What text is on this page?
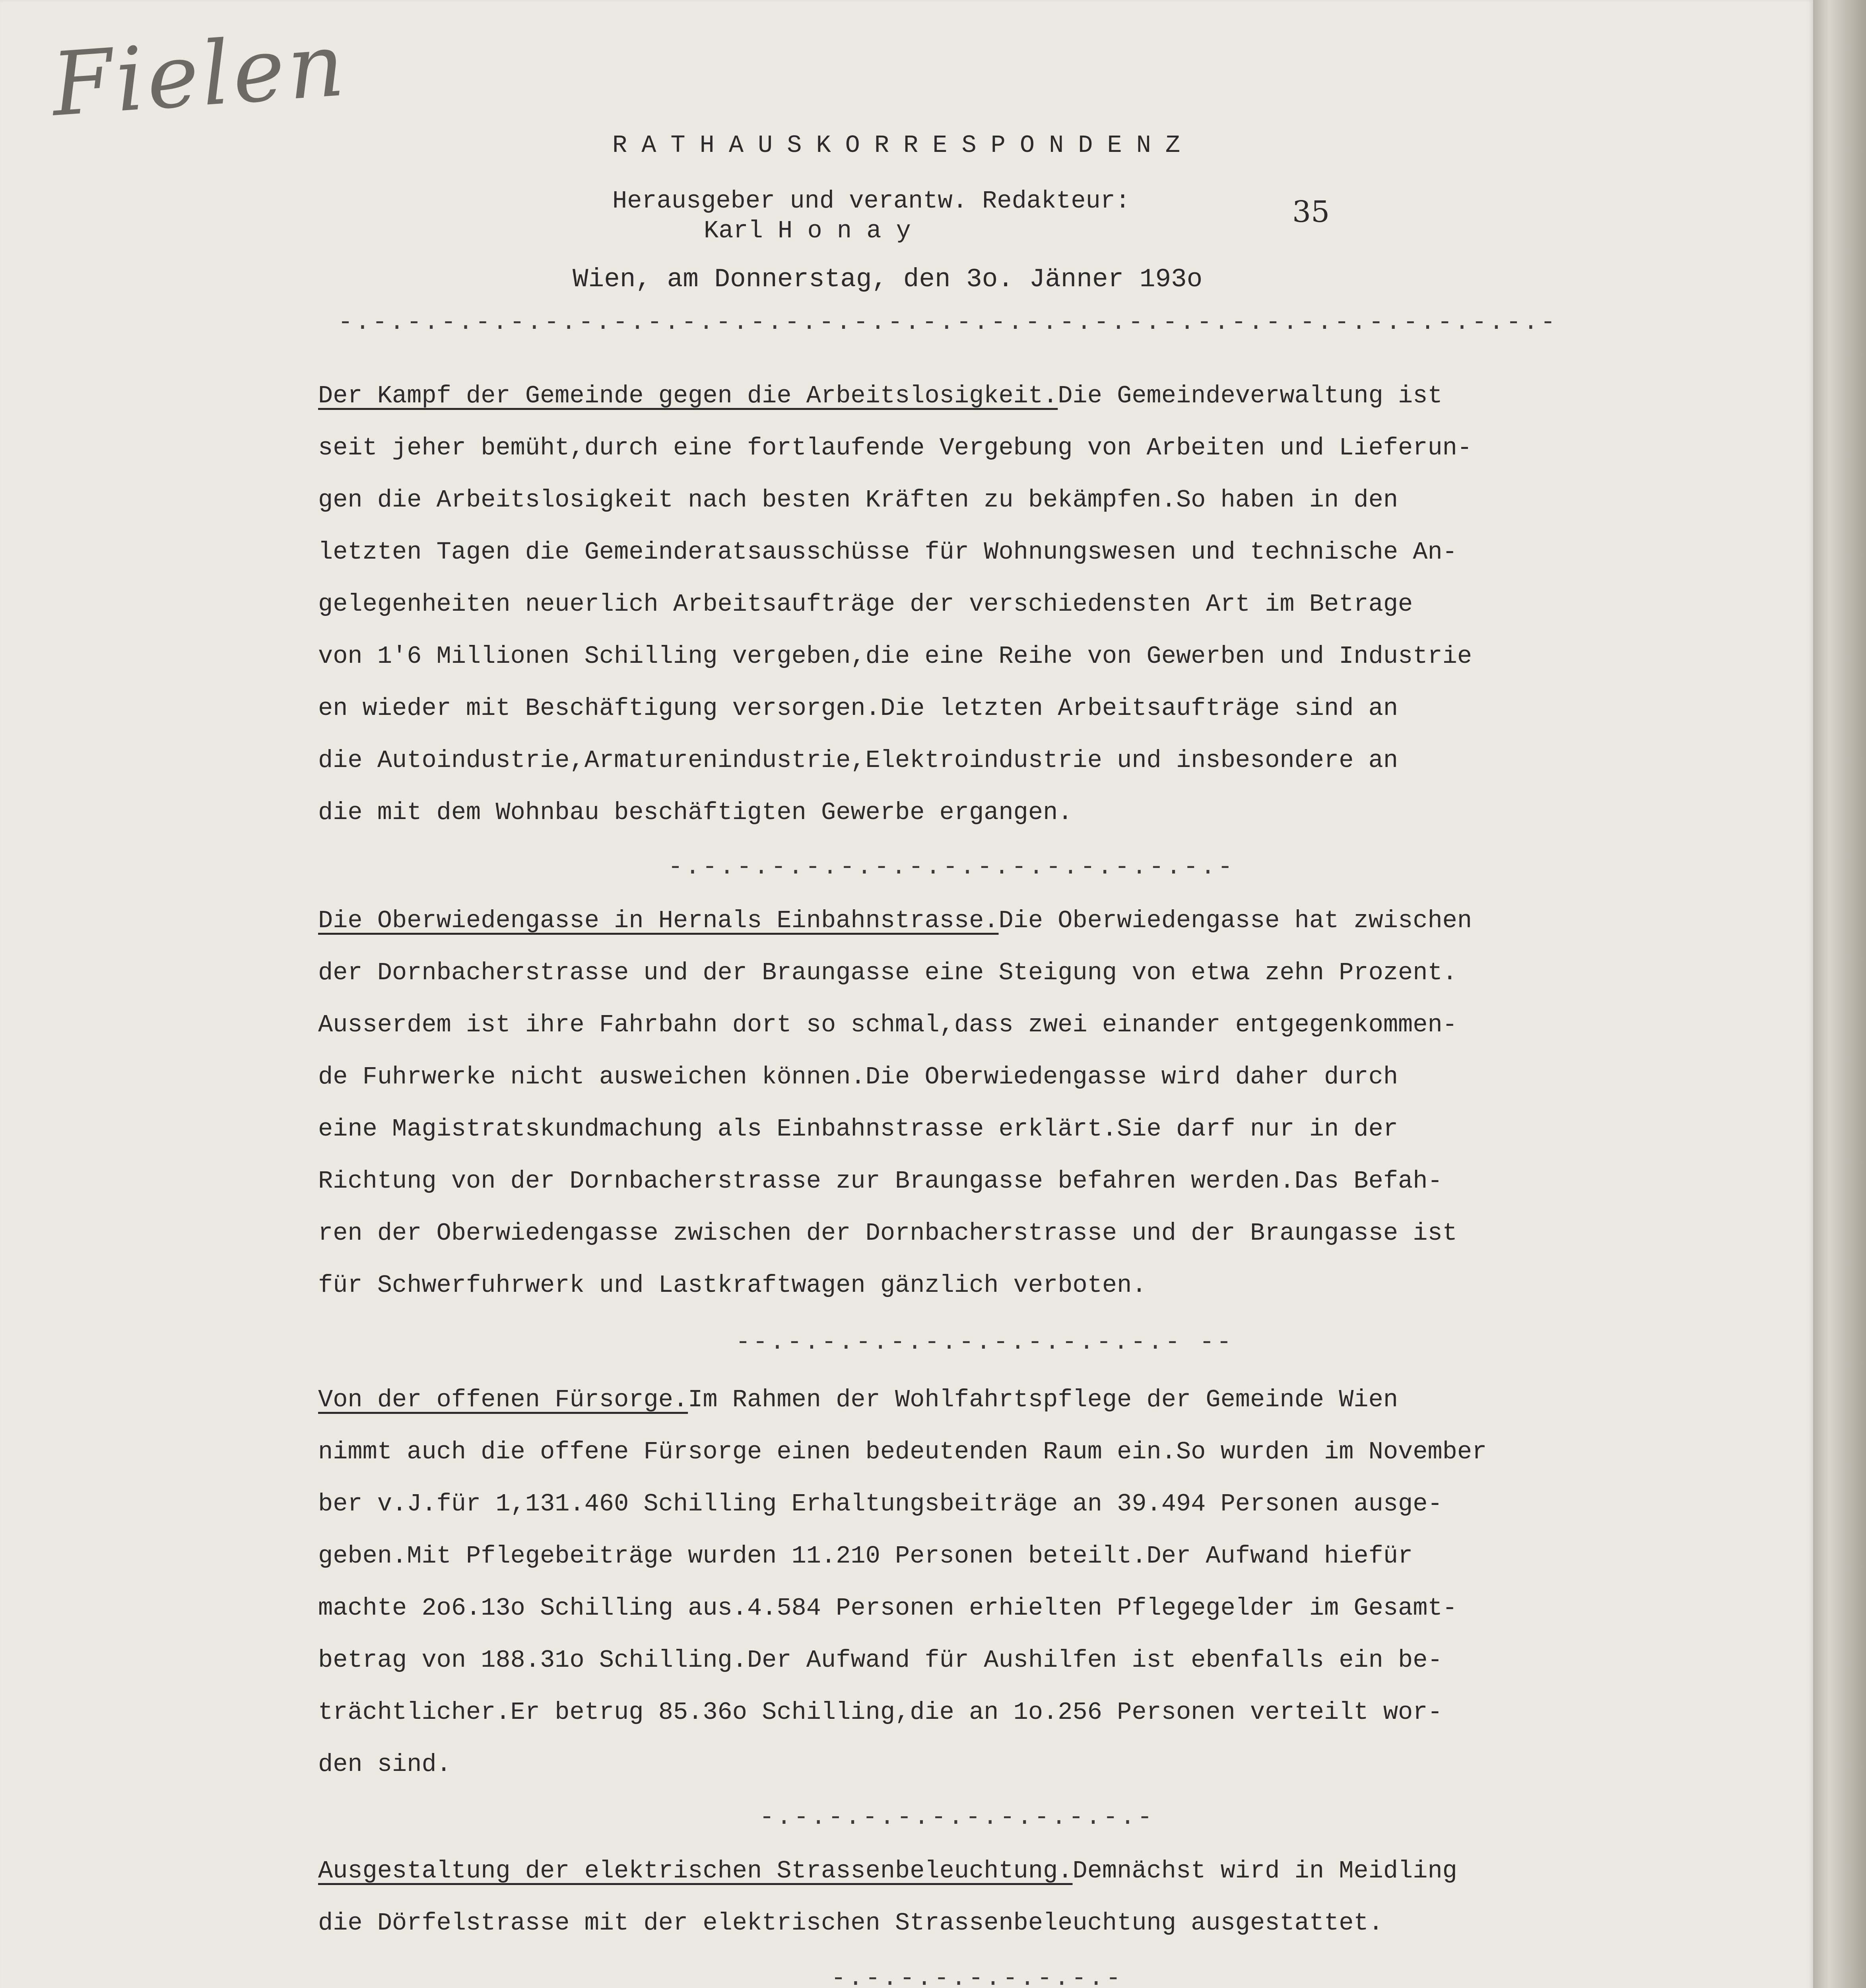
Fielen
RATHAUSKORRESPONDENZ
Herausgeber und verantw. Redakteur:
Karl H o n a y
35
Wien, am Donnerstag, den 3o. Jänner 193o
-.-.-.-.-.-.-.-.-.-.-.-.-.-.-.-.-.-.-.-.-.-.-.-.-.-.-.-.-.-.-.-.-.-.-.-
Der Kampf der Gemeinde gegen die Arbeitslosigkeit.Die Gemeindeverwaltung ist
seit jeher bemüht,durch eine fortlaufende Vergebung von Arbeiten und Lieferun-
gen die Arbeitslosigkeit nach besten Kräften zu bekämpfen.So haben in den
letzten Tagen die Gemeinderatsausschüsse für Wohnungswesen und technische An-
gelegenheiten neuerlich Arbeitsaufträge der verschiedensten Art im Betrage
von 1'6 Millionen Schilling vergeben,die eine Reihe von Gewerben und Industrie
en wieder mit Beschäftigung versorgen.Die letzten Arbeitsaufträge sind an
die Autoindustrie,Armaturenindustrie,Elektroindustrie und insbesondere an
die mit dem Wohnbau beschäftigten Gewerbe ergangen.
-.-.-.-.-.-.-.-.-.-.-.-.-.-.-.-.-
Die Oberwiedengasse in Hernals Einbahnstrasse.Die Oberwiedengasse hat zwischen
der Dornbacherstrasse und der Braungasse eine Steigung von etwa zehn Prozent.
Ausserdem ist ihre Fahrbahn dort so schmal,dass zwei einander entgegenkommen-
de Fuhrwerke nicht ausweichen können.Die Oberwiedengasse wird daher durch
eine Magistratskundmachung als Einbahnstrasse erklärt.Sie darf nur in der
Richtung von der Dornbacherstrasse zur Braungasse befahren werden.Das Befah-
ren der Oberwiedengasse zwischen der Dornbacherstrasse und der Braungasse ist
für Schwerfuhrwerk und Lastkraftwagen gänzlich verboten.
--.-.-.-.-.-.-.-.-.-.-.-.- --
Von der offenen Fürsorge.Im Rahmen der Wohlfahrtspflege der Gemeinde Wien
nimmt auch die offene Fürsorge einen bedeutenden Raum ein.So wurden im November
ber v.J.für 1,131.460 Schilling Erhaltungsbeiträge an 39.494 Personen ausge-
geben.Mit Pflegebeiträge wurden 11.210 Personen beteilt.Der Aufwand hiefür
machte 2o6.13o Schilling aus.4.584 Personen erhielten Pflegegelder im Gesamt-
betrag von 188.31o Schilling.Der Aufwand für Aushilfen ist ebenfalls ein be-
trächtlicher.Er betrug 85.36o Schilling,die an 1o.256 Personen verteilt wor-
den sind.
-.-.-.-.-.-.-.-.-.-.-.-
Ausgestaltung der elektrischen Strassenbeleuchtung.Demnächst wird in Meidling
die Dörfelstrasse mit der elektrischen Strassenbeleuchtung ausgestattet.
-.-.-.-.-.-.-.-.-
